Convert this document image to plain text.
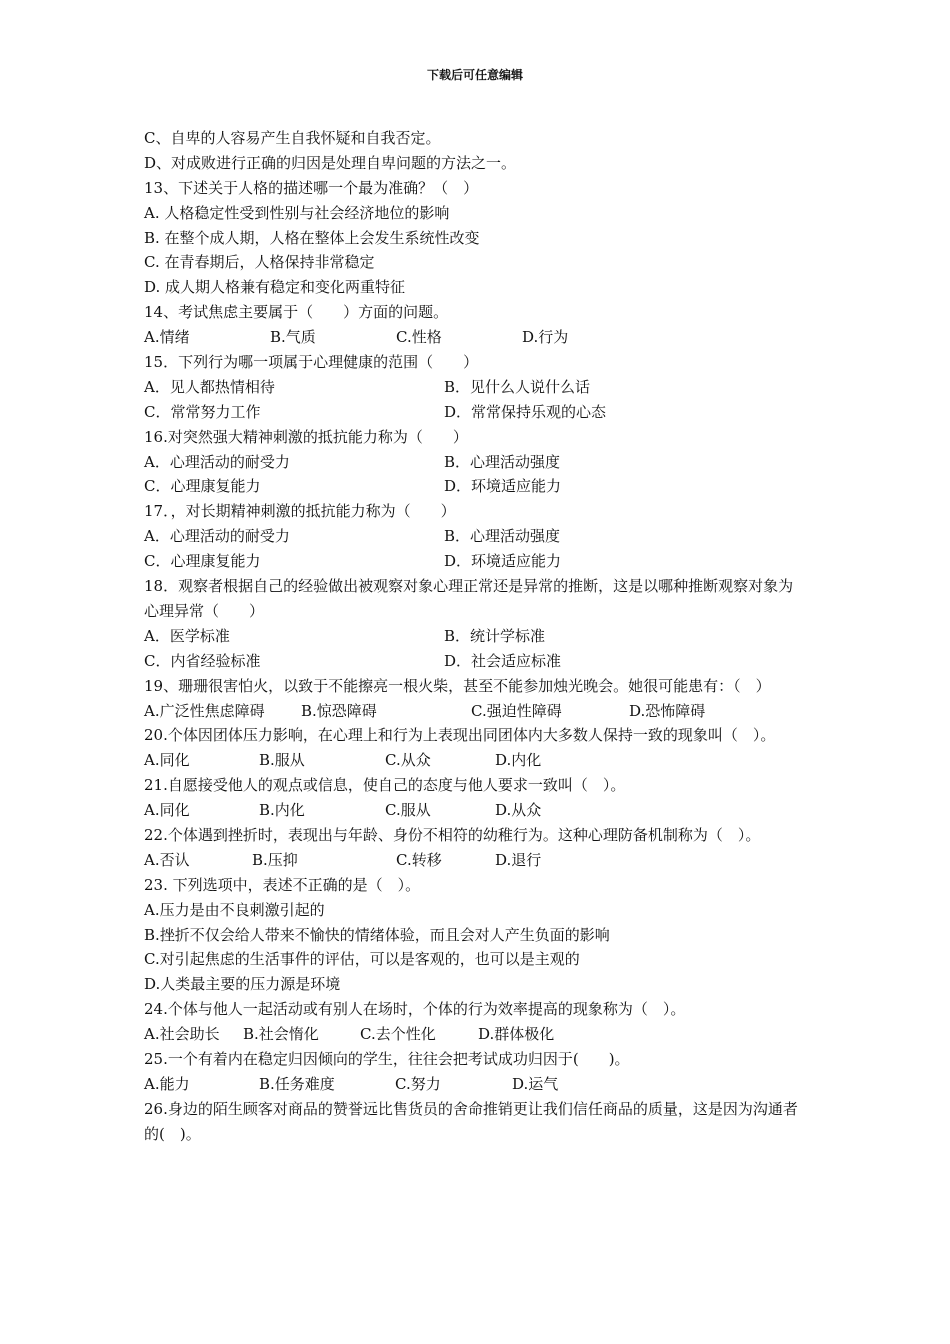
下载后可任意编辑
C、自卑的人容易产生自我怀疑和自我否定。
D、对成败进行正确的归因是处理自卑问题的方法之一。
13、下述关于人格的描述哪一个最为准确？（　）
A. 人格稳定性受到性别与社会经济地位的影响
B. 在整个成人期，人格在整体上会发生系统性改变
C. 在青春期后，人格保持非常稳定
D. 成人期人格兼有稳定和变化两重特征
14、考试焦虑主要属于（　　）方面的问题。
A.情绪	B.气质	C.性格	D.行为
15．下列行为哪一项属于心理健康的范围（　　）
A．见人都热情相待	B．见什么人说什么话
C．常常努力工作	D．常常保持乐观的心态
16.对突然强大精神刺激的抵抗能力称为（　　）
A．心理活动的耐受力	B．心理活动强度
C．心理康复能力	D．环境适应能力
17．，对长期精神刺激的抵抗能力称为（　　）
A．心理活动的耐受力	B．心理活动强度
C．心理康复能力	D．环境适应能力
18．观察者根据自己的经验做出被观察对象心理正常还是异常的推断，这是以哪种推断观察对象为心理异常（　　）
A．医学标准	B．统计学标准
C．内省经验标准	D．社会适应标准
19、珊珊很害怕火，以致于不能擦亮一根火柴，甚至不能参加烛光晚会。她很可能患有：（　）
A.广泛性焦虑障碍	B.惊恐障碍	C.强迫性障碍	D.恐怖障碍
20.个体因团体压力影响，在心理上和行为上表现出同团体内大多数人保持一致的现象叫（　）。
A.同化	B.服从	C.从众	D.内化
21.自愿接受他人的观点或信息，使自己的态度与他人要求一致叫（　）。
A.同化	B.内化	C.服从	D.从众
22.个体遇到挫折时，表现出与年龄、身份不相符的幼稚行为。这种心理防备机制称为（　）。
A.否认	B.压抑	C.转移	D.退行
23. 下列选项中，表述不正确的是（　）。
A.压力是由不良刺激引起的
B.挫折不仅会给人带来不愉快的情绪体验，而且会对人产生负面的影响
C.对引起焦虑的生活事件的评估，可以是客观的，也可以是主观的
D.人类最主要的压力源是环境
24.个体与他人一起活动或有别人在场时，个体的行为效率提高的现象称为（　）。
A.社会助长	B.社会惰化	C.去个性化	D.群体极化
25.一个有着内在稳定归因倾向的学生，往往会把考试成功归因于(　　)。
A.能力	B.任务难度	C.努力	D.运气
26.身边的陌生顾客对商品的赞誉远比售货员的舍命推销更让我们信任商品的质量，这是因为沟通者的(　)。
